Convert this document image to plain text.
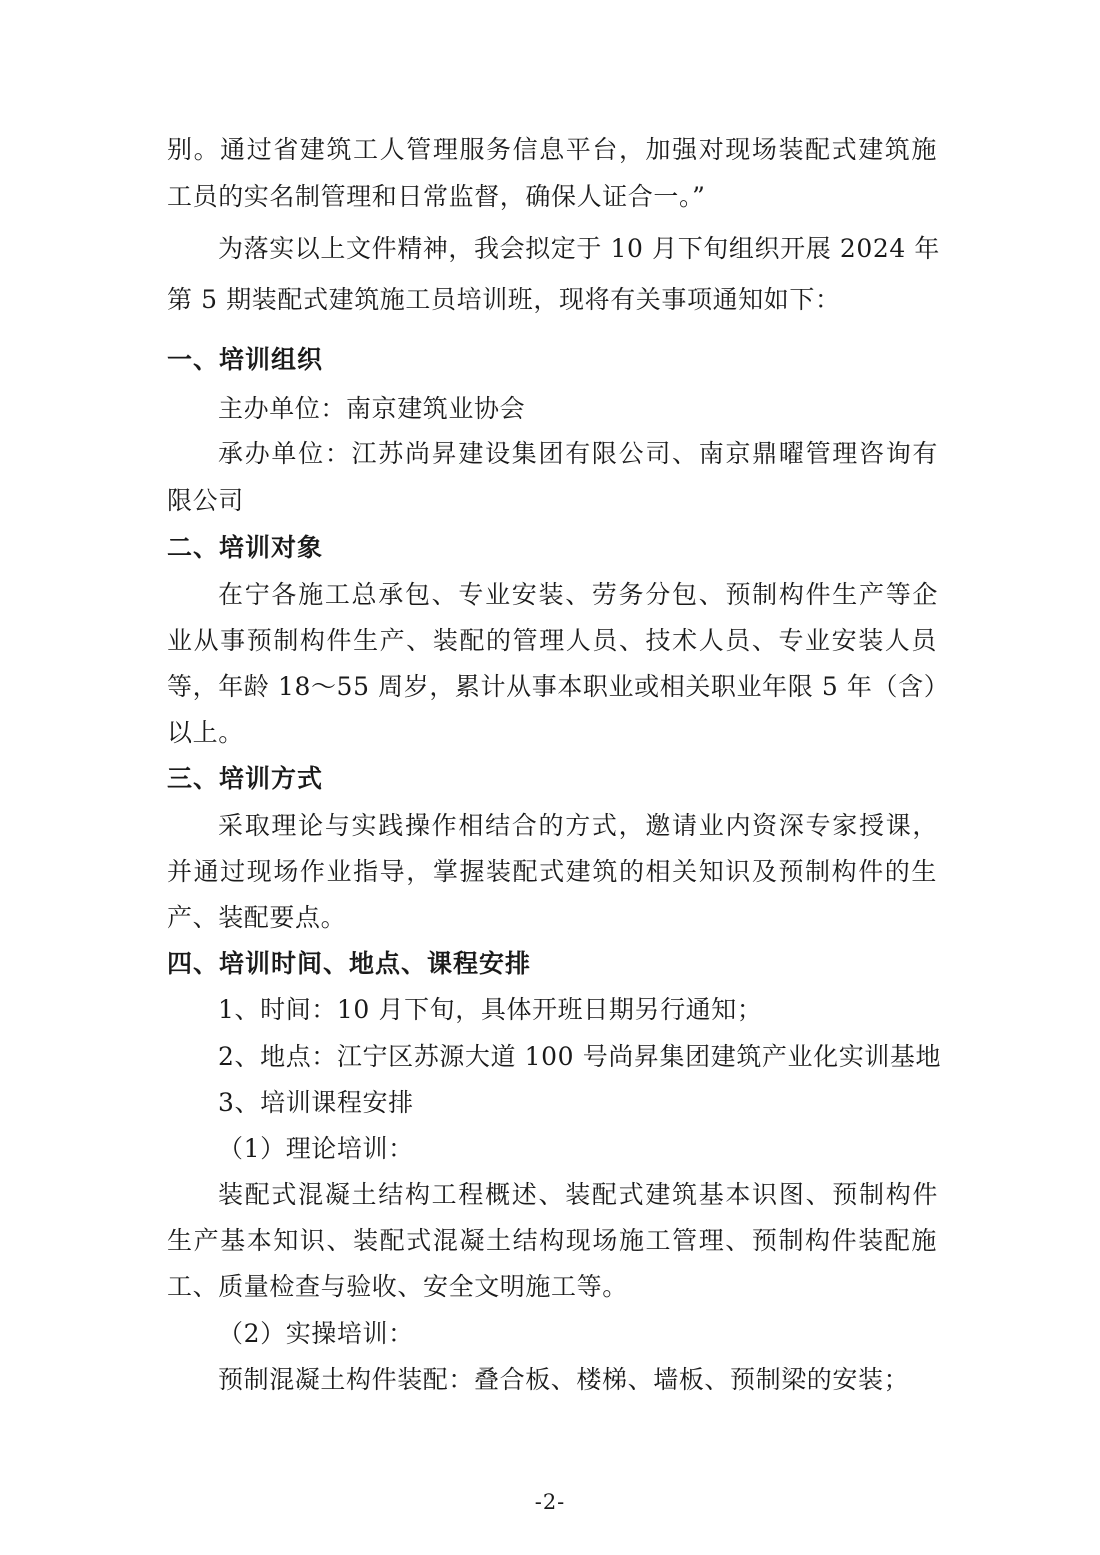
别。通过省建筑工人管理服务信息平台，加强对现场装配式建筑施
工员的实名制管理和日常监督，确保人证合一。”
为落实以上文件精神，我会拟定于 10 月下旬组织开展 2024 年
第 5 期装配式建筑施工员培训班，现将有关事项通知如下：
一、培训组织
主办单位：南京建筑业协会
承办单位：江苏尚昇建设集团有限公司、南京鼎曜管理咨询有
限公司
二、培训对象
在宁各施工总承包、专业安装、劳务分包、预制构件生产等企
业从事预制构件生产、装配的管理人员、技术人员、专业安装人员
等，年龄 18～55 周岁，累计从事本职业或相关职业年限 5 年（含）
以上。
三、培训方式
采取理论与实践操作相结合的方式，邀请业内资深专家授课，
并通过现场作业指导，掌握装配式建筑的相关知识及预制构件的生
产、装配要点。
四、培训时间、地点、课程安排
1、时间：10 月下旬，具体开班日期另行通知；
2、地点：江宁区苏源大道 100 号尚昇集团建筑产业化实训基地
3、培训课程安排
（1）理论培训：
装配式混凝土结构工程概述、装配式建筑基本识图、预制构件
生产基本知识、装配式混凝土结构现场施工管理、预制构件装配施
工、质量检查与验收、安全文明施工等。
（2）实操培训：
预制混凝土构件装配：叠合板、楼梯、墙板、预制梁的安装；
-2-
